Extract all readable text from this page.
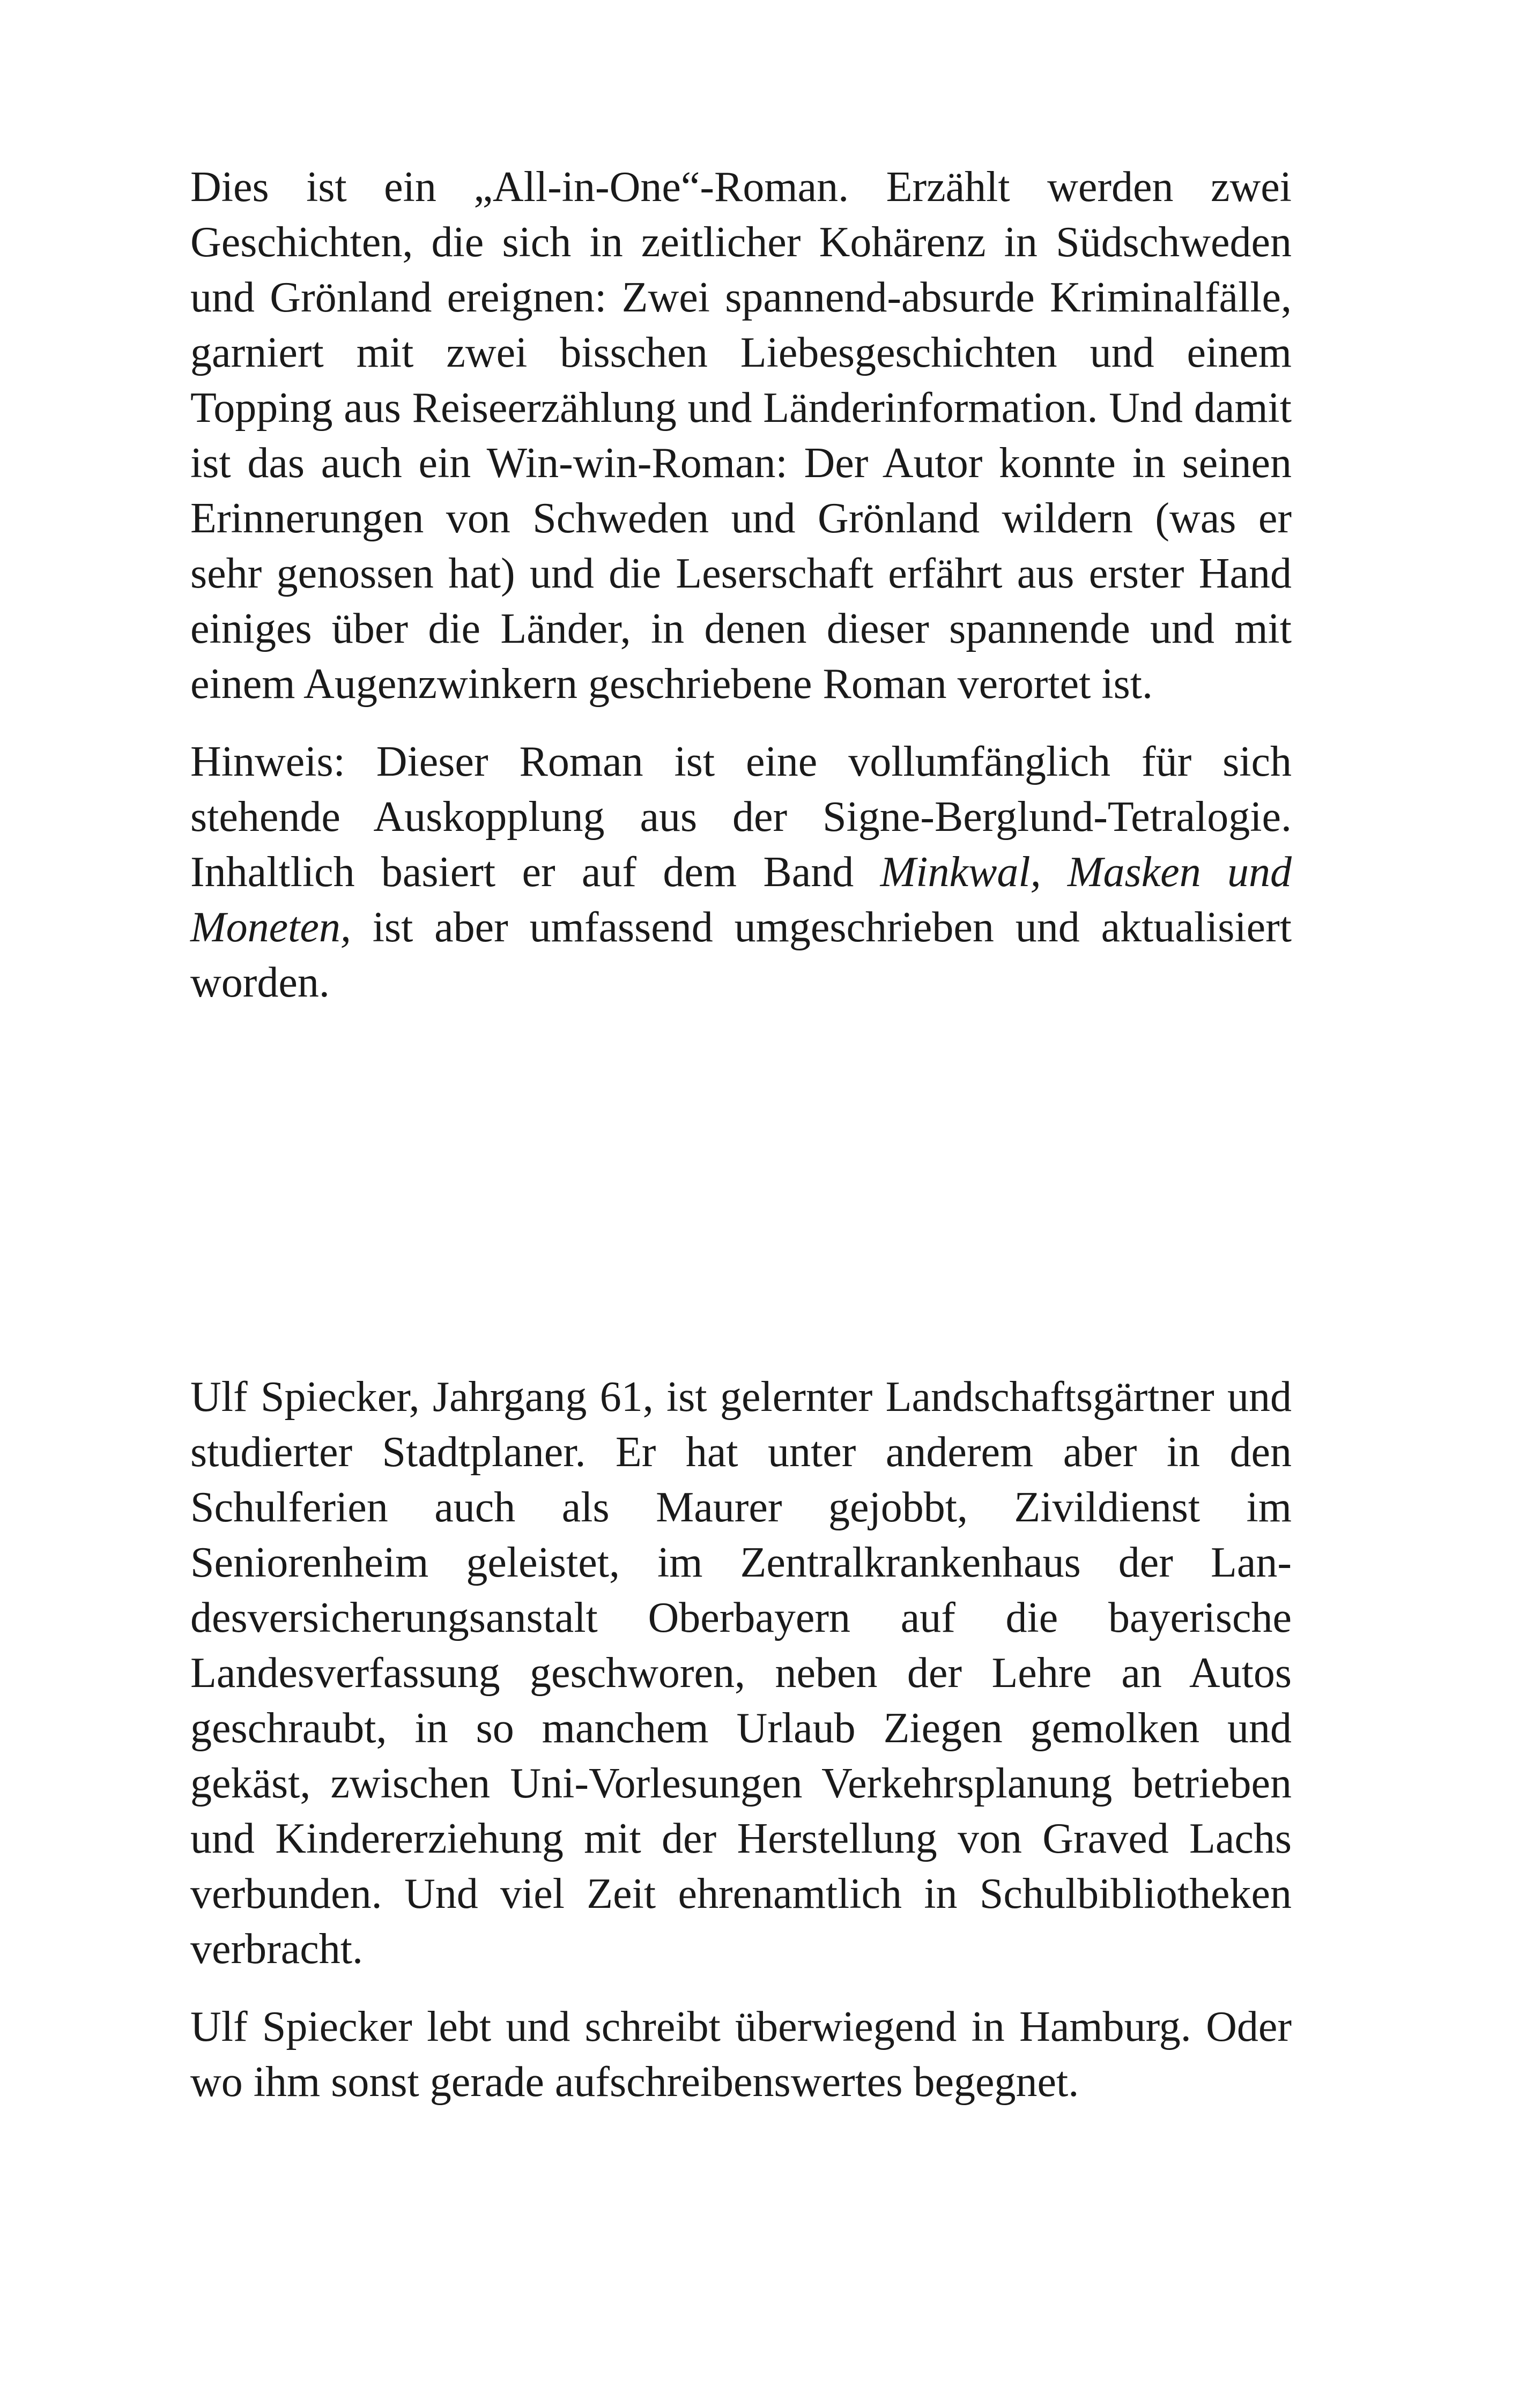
Dies ist ein „All-in-One“-Roman. Erzählt werden zwei Geschichten, die sich in zeitlicher Kohärenz in Südschweden und Grönland ereignen: Zwei spannend-absurde Kriminalfälle, garniert mit zwei bisschen Liebesgeschichten und einem Topping aus Reiseerzählung und Länderinformation. Und damit ist das auch ein Win-win-Roman: Der Autor konnte in seinen Erinnerungen von Schweden und Grönland wildern (was er sehr genossen hat) und die Leserschaft erfährt aus erster Hand einiges über die Länder, in denen dieser spannende und mit einem Augenzwinkern geschriebene Roman verortet ist.

Hinweis: Dieser Roman ist eine vollumfänglich für sich stehende Auskopplung aus der Signe-Berglund-Tetralogie. Inhaltlich basiert er auf dem Band Minkwal, Masken und Moneten, ist aber umfassend umgeschrieben und aktualisiert worden.

Ulf Spiecker, Jahrgang 61, ist gelernter Landschaftsgärtner und studierter Stadtplaner. Er hat unter anderem aber in den Schulferien auch als Maurer gejobbt, Zivildienst im Seniorenheim geleistet, im Zentralkrankenhaus der Landesversicherungsanstalt Oberbayern auf die bayerische Landesverfassung geschworen, neben der Lehre an Autos geschraubt, in so manchem Urlaub Ziegen gemolken und gekäst, zwischen Uni-Vorlesungen Verkehrsplanung betrieben und Kindererziehung mit der Herstellung von Graved Lachs verbunden. Und viel Zeit ehrenamtlich in Schulbibliotheken verbracht.

Ulf Spiecker lebt und schreibt überwiegend in Hamburg. Oder wo ihm sonst gerade aufschreibenswertes begegnet.
